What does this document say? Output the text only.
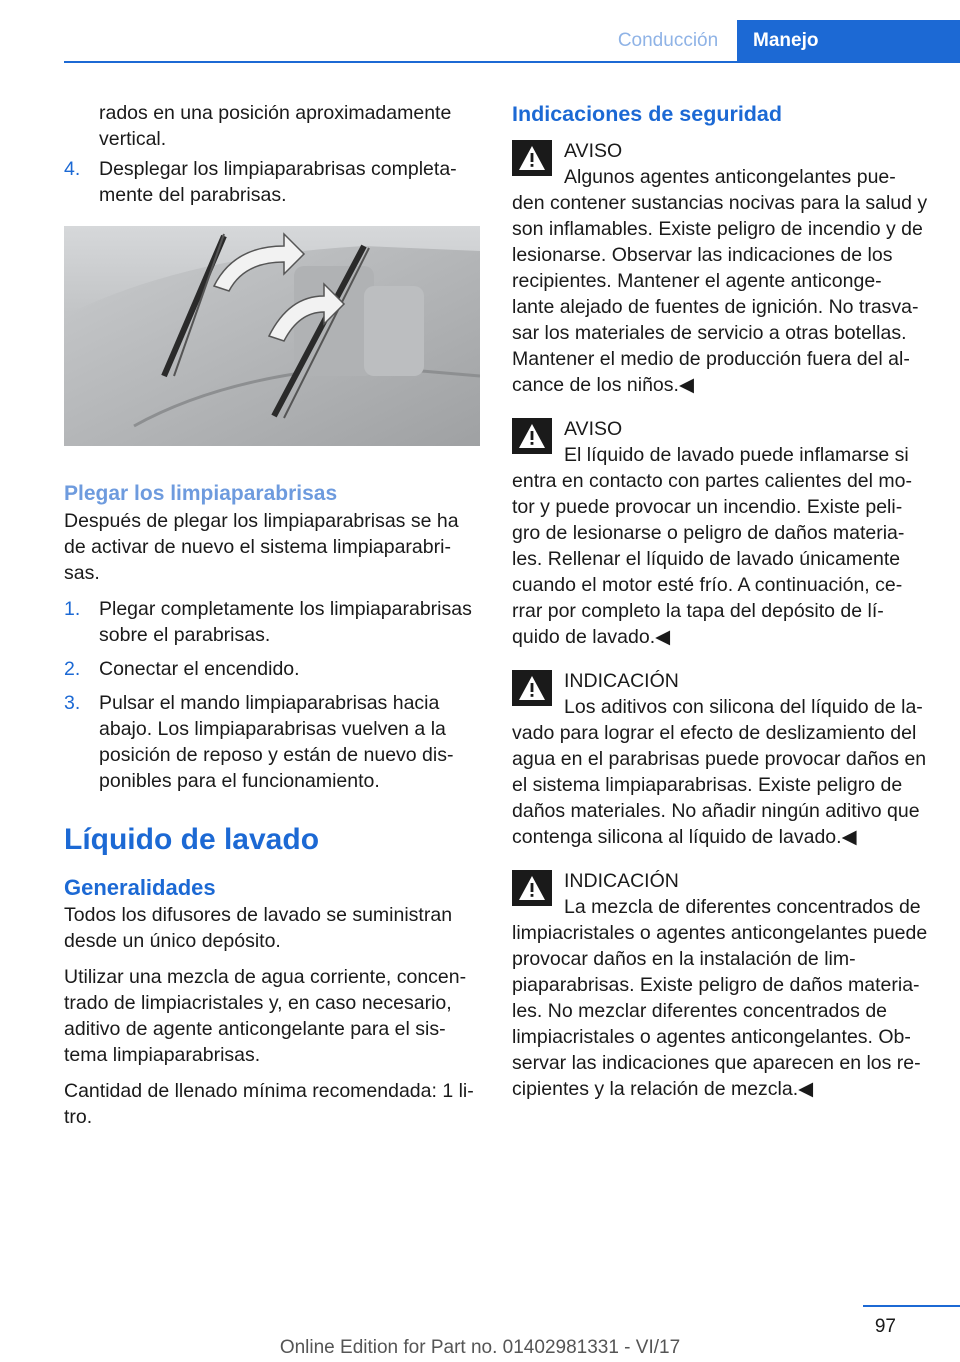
Conducción	Manejo
rados en una posición aproximadamente vertical.
4. Desplegar los limpiaparabrisas completa‐ mente del parabrisas.
Plegar los limpiaparabrisas
Después de plegar los limpiaparabrisas se ha de activar de nuevo el sistema limpiaparabri‐ sas.
1. Plegar completamente los limpiaparabrisas sobre el parabrisas.
2. Conectar el encendido.
3. Pulsar el mando limpiaparabrisas hacia abajo. Los limpiaparabrisas vuelven a la posición de reposo y están de nuevo dis‐ ponibles para el funcionamiento.
Líquido de lavado
Generalidades
Todos los difusores de lavado se suministran desde un único depósito.
Utilizar una mezcla de agua corriente, concen‐ trado de limpiacristales y, en caso necesario, aditivo de agente anticongelante para el sis‐ tema limpiaparabrisas.
Cantidad de llenado mínima recomendada: 1 li‐ tro.
Indicaciones de seguridad
AVISO
Algunos agentes anticongelantes pue‐ den contener sustancias nocivas para la salud y son inflamables. Existe peligro de incendio y de lesionarse. Observar las indicaciones de los recipientes. Mantener el agente anticonge‐ lante alejado de fuentes de ignición. No trasva‐ sar los materiales de servicio a otras botellas. Mantener el medio de producción fuera del al‐ cance de los niños.◀
AVISO
El líquido de lavado puede inflamarse si entra en contacto con partes calientes del mo‐ tor y puede provocar un incendio. Existe peli‐ gro de lesionarse o peligro de daños materia‐ les. Rellenar el líquido de lavado únicamente cuando el motor esté frío. A continuación, ce‐ rrar por completo la tapa del depósito de lí‐ quido de lavado.◀
INDICACIÓN
Los aditivos con silicona del líquido de la‐ vado para lograr el efecto de deslizamiento del agua en el parabrisas puede provocar daños en el sistema limpiaparabrisas. Existe peligro de daños materiales. No añadir ningún aditivo que contenga silicona al líquido de lavado.◀
INDICACIÓN
La mezcla de diferentes concentrados de limpiacristales o agentes anticongelantes puede provocar daños en la instalación de lim‐ piaparabrisas. Existe peligro de daños materia‐ les. No mezclar diferentes concentrados de limpiacristales o agentes anticongelantes. Ob‐ servar las indicaciones que aparecen en los re‐ cipientes y la relación de mezcla.◀
97
Online Edition for Part no. 01402981331 - VI/17
